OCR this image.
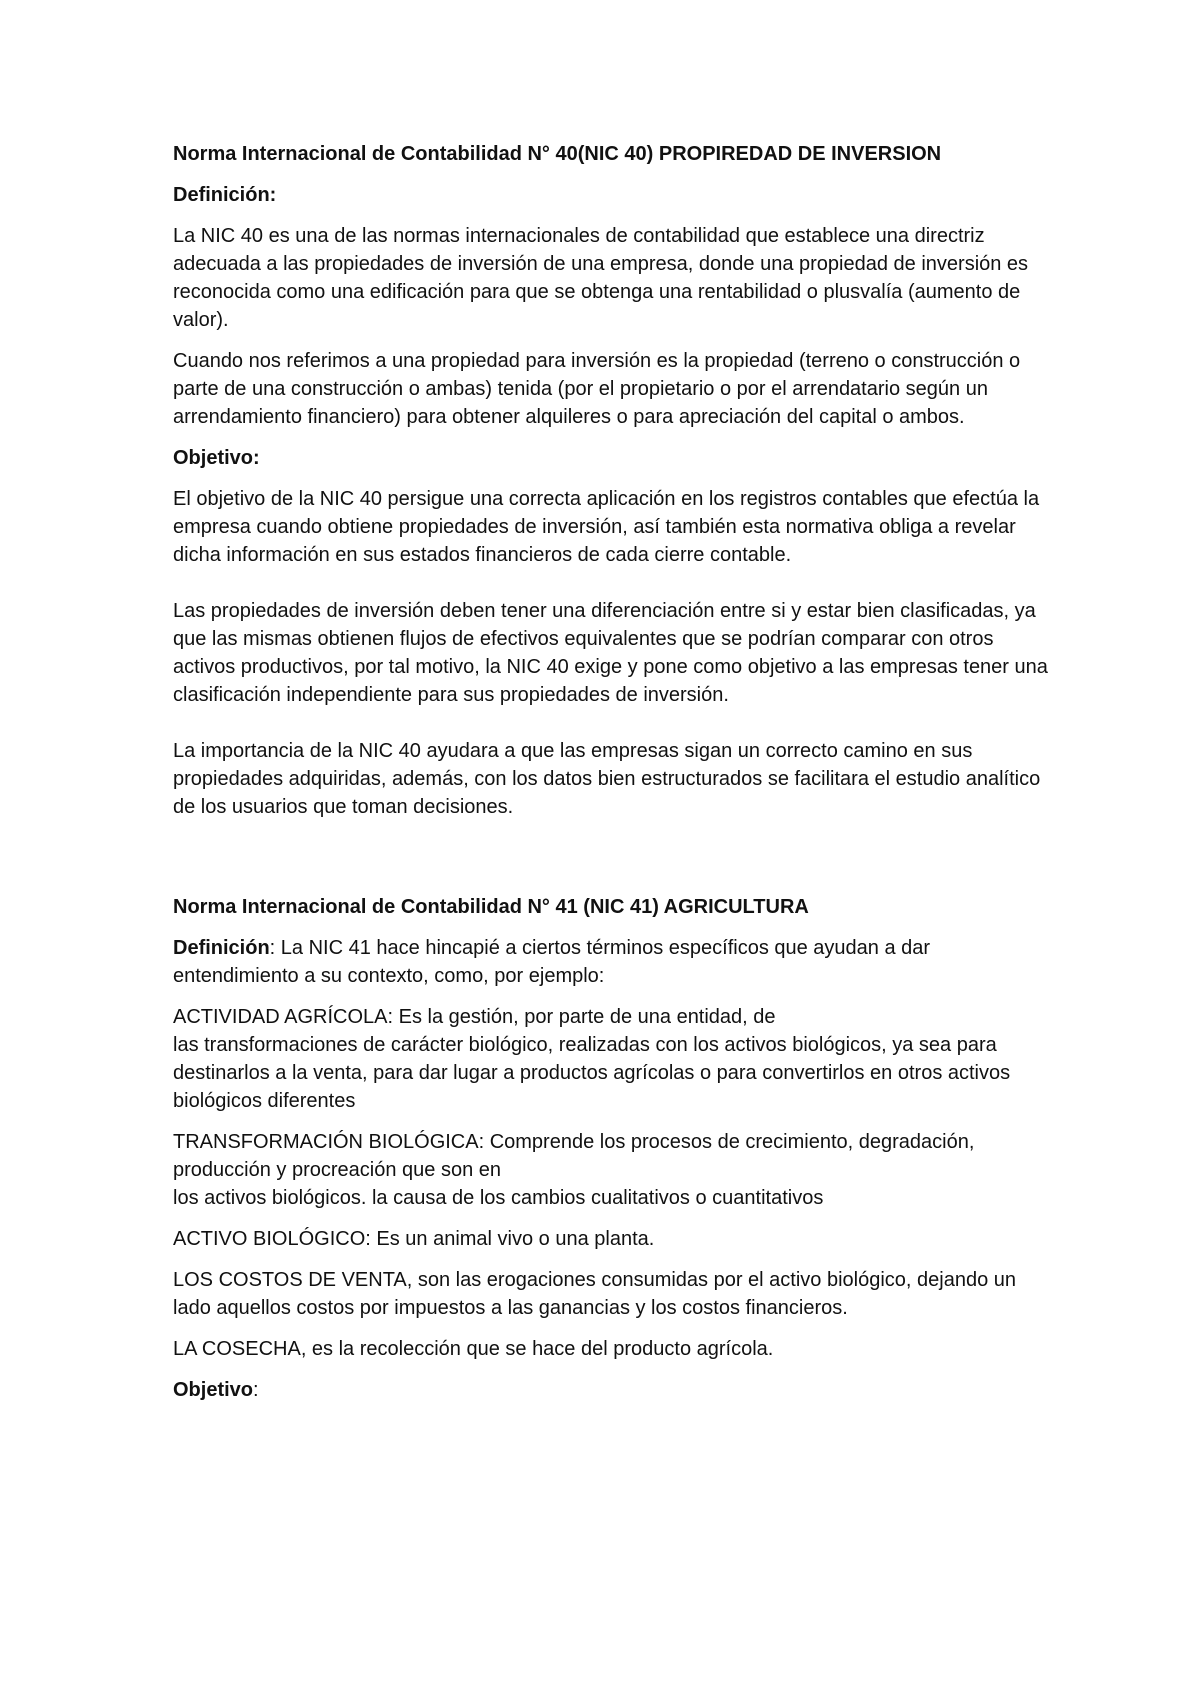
Norma Internacional de Contabilidad N° 40(NIC 40) PROPIREDAD DE INVERSION
Definición:

La NIC 40 es una de las normas internacionales de contabilidad que establece una directriz adecuada a las propiedades de inversión de una empresa, donde una propiedad de inversión es reconocida como una edificación para que se obtenga una rentabilidad o plusvalía (aumento de valor).

Cuando nos referimos a una propiedad para inversión es la propiedad (terreno o construcción o parte de una construcción o ambas) tenida (por el propietario o por el arrendatario según un arrendamiento financiero) para obtener alquileres o para apreciación del capital o ambos.

Objetivo:

El objetivo de la NIC 40 persigue una correcta aplicación en los registros contables que efectúa la empresa cuando obtiene propiedades de inversión, así también esta normativa obliga a revelar dicha información en sus estados financieros de cada cierre contable.

Las propiedades de inversión deben tener una diferenciación entre si y estar bien clasificadas, ya que las mismas obtienen flujos de efectivos equivalentes que se podrían comparar con otros activos productivos, por tal motivo, la NIC 40 exige y pone como objetivo a las empresas tener una clasificación independiente para sus propiedades de inversión.

La importancia de la NIC 40 ayudara a que las empresas sigan un correcto camino en sus propiedades adquiridas, además, con los datos bien estructurados se facilitara el estudio analítico de los usuarios que toman decisiones.

Norma Internacional de Contabilidad N° 41 (NIC 41) AGRICULTURA

Definición: La NIC 41 hace hincapié a ciertos términos específicos que ayudan a dar entendimiento a su contexto, como, por ejemplo:

ACTIVIDAD AGRÍCOLA: Es la gestión, por parte de una entidad, de
las transformaciones de carácter biológico, realizadas con los activos biológicos, ya sea para destinarlos a la venta, para dar lugar a productos agrícolas o para convertirlos en otros activos biológicos diferentes

TRANSFORMACIÓN BIOLÓGICA: Comprende los procesos de crecimiento, degradación, producción y procreación que son en
los activos biológicos. la causa de los cambios cualitativos o cuantitativos

ACTIVO BIOLÓGICO: Es un animal vivo o una planta.

LOS COSTOS DE VENTA, son las erogaciones consumidas por el activo biológico, dejando un lado aquellos costos por impuestos a las ganancias y los costos financieros.

LA COSECHA, es la recolección que se hace del producto agrícola.

Objetivo:
